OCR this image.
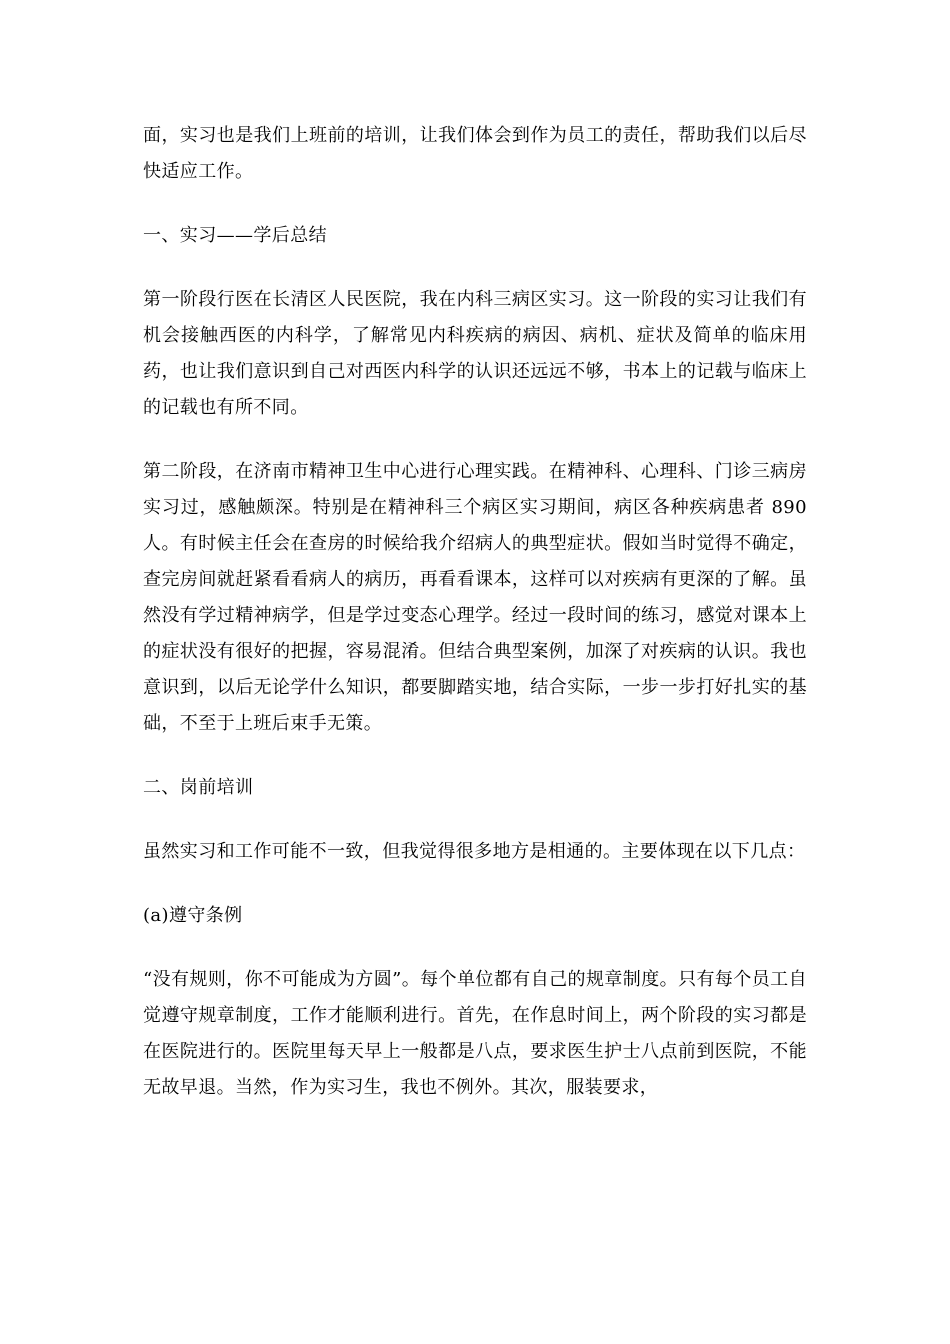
面，实习也是我们上班前的培训，让我们体会到作为员工的责任，帮助我们以后尽快适应工作。

一、实习——学后总结

第一阶段行医在长清区人民医院，我在内科三病区实习。这一阶段的实习让我们有机会接触西医的内科学，了解常见内科疾病的病因、病机、症状及简单的临床用药，也让我们意识到自己对西医内科学的认识还远远不够，书本上的记载与临床上的记载也有所不同。

第二阶段，在济南市精神卫生中心进行心理实践。在精神科、心理科、门诊三病房实习过，感触颇深。特别是在精神科三个病区实习期间，病区各种疾病患者 890 人。有时候主任会在查房的时候给我介绍病人的典型症状。假如当时觉得不确定，查完房间就赶紧看看病人的病历，再看看课本，这样可以对疾病有更深的了解。虽然没有学过精神病学，但是学过变态心理学。经过一段时间的练习，感觉对课本上的症状没有很好的把握，容易混淆。但结合典型案例，加深了对疾病的认识。我也意识到，以后无论学什么知识，都要脚踏实地，结合实际，一步一步打好扎实的基础，不至于上班后束手无策。

二、岗前培训

虽然实习和工作可能不一致，但我觉得很多地方是相通的。主要体现在以下几点：

(a)遵守条例

“没有规则，你不可能成为方圆”。每个单位都有自己的规章制度。只有每个员工自觉遵守规章制度，工作才能顺利进行。首先，在作息时间上，两个阶段的实习都是在医院进行的。医院里每天早上一般都是八点，要求医生护士八点前到医院，不能无故早退。当然，作为实习生，我也不例外。其次，服装要求，
